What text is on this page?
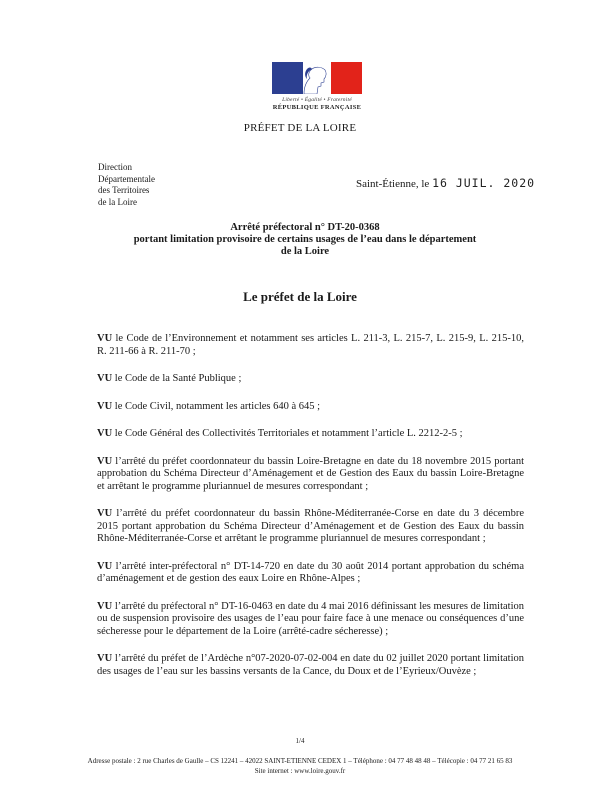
Liberté • Égalité • Fraternité
RÉPUBLIQUE FRANÇAISE
PRÉFET DE LA LOIRE
Direction
Départementale
des Territoires
de la Loire
Saint-Étienne, le 16 JUIL. 2020
Arrêté préfectoral n° DT-20-0368
portant limitation provisoire de certains usages de l’eau dans le département
de la Loire
Le préfet de la Loire

VU le Code de l’Environnement et notamment ses articles L. 211-3, L. 215-7, L. 215-9, L. 215-10, R. 211-66 à R. 211-70 ;

VU le Code de la Santé Publique ;

VU le Code Civil, notamment les articles 640 à 645 ;

VU le Code Général des Collectivités Territoriales et notamment l’article L. 2212-2-5 ;

VU l’arrêté du préfet coordonnateur du bassin Loire-Bretagne en date du 18 novembre 2015 portant approbation du Schéma Directeur d’Aménagement et de Gestion des Eaux du bassin Loire-Bretagne et arrêtant le programme pluriannuel de mesures correspondant ;

VU l’arrêté du préfet coordonnateur du bassin Rhône-Méditerranée-Corse en date du 3 décembre 2015 portant approbation du Schéma Directeur d’Aménagement et de Gestion des Eaux du bassin Rhône-Méditerranée-Corse et arrêtant le programme pluriannuel de mesures correspondant ;

VU l’arrêté inter-préfectoral n° DT-14-720 en date du 30 août 2014 portant approbation du schéma d’aménagement et de gestion des eaux Loire en Rhône-Alpes ;

VU l’arrêté du préfectoral n° DT-16-0463 en date du 4 mai 2016 définissant les mesures de limitation ou de suspension provisoire des usages de l’eau pour faire face à une menace ou conséquences d’une sécheresse pour le département de la Loire (arrêté-cadre sécheresse) ;

VU l’arrêté du préfet de l’Ardèche n°07-2020-07-02-004 en date du 02 juillet 2020 portant limitation des usages de l’eau sur les bassins versants de la Cance, du Doux et de l’Eyrieux/Ouvèze ;

1/4
Adresse postale : 2 rue Charles de Gaulle – CS 12241 – 42022 SAINT-ETIENNE CEDEX 1 – Téléphone : 04 77 48 48 48 – Télécopie : 04 77 21 65 83
Site internet : www.loire.gouv.fr
